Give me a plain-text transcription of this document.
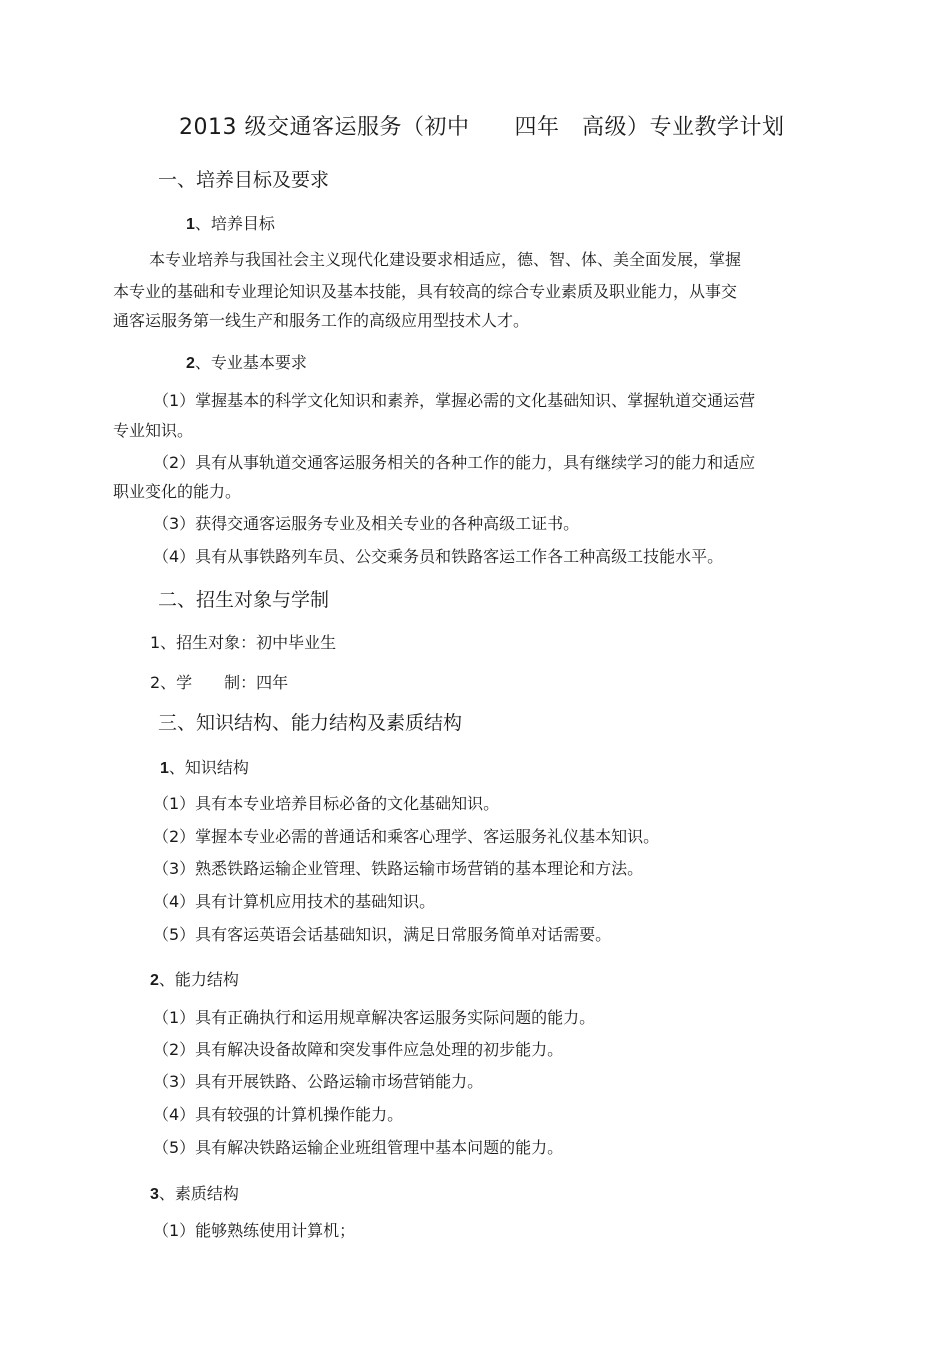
2013 级交通客运服务（初中　　四年　高级）专业教学计划
一、培养目标及要求
1、培养目标
本专业培养与我国社会主义现代化建设要求相适应，德、智、体、美全面发展，掌握
本专业的基础和专业理论知识及基本技能，具有较高的综合专业素质及职业能力，从事交
通客运服务第一线生产和服务工作的高级应用型技术人才。
2、专业基本要求
（1）掌握基本的科学文化知识和素养，掌握必需的文化基础知识、掌握轨道交通运营
专业知识。
（2）具有从事轨道交通客运服务相关的各种工作的能力，具有继续学习的能力和适应
职业变化的能力。
（3）获得交通客运服务专业及相关专业的各种高级工证书。
（4）具有从事铁路列车员、公交乘务员和铁路客运工作各工种高级工技能水平。
二、招生对象与学制
1、招生对象：初中毕业生
2、学　　制：四年
三、知识结构、能力结构及素质结构
1、知识结构
（1）具有本专业培养目标必备的文化基础知识。
（2）掌握本专业必需的普通话和乘客心理学、客运服务礼仪基本知识。
（3）熟悉铁路运输企业管理、铁路运输市场营销的基本理论和方法。
（4）具有计算机应用技术的基础知识。
（5）具有客运英语会话基础知识，满足日常服务简单对话需要。
2、能力结构
（1）具有正确执行和运用规章解决客运服务实际问题的能力。
（2）具有解决设备故障和突发事件应急处理的初步能力。
（3）具有开展铁路、公路运输市场营销能力。
（4）具有较强的计算机操作能力。
（5）具有解决铁路运输企业班组管理中基本问题的能力。
3、素质结构
（1）能够熟练使用计算机；
